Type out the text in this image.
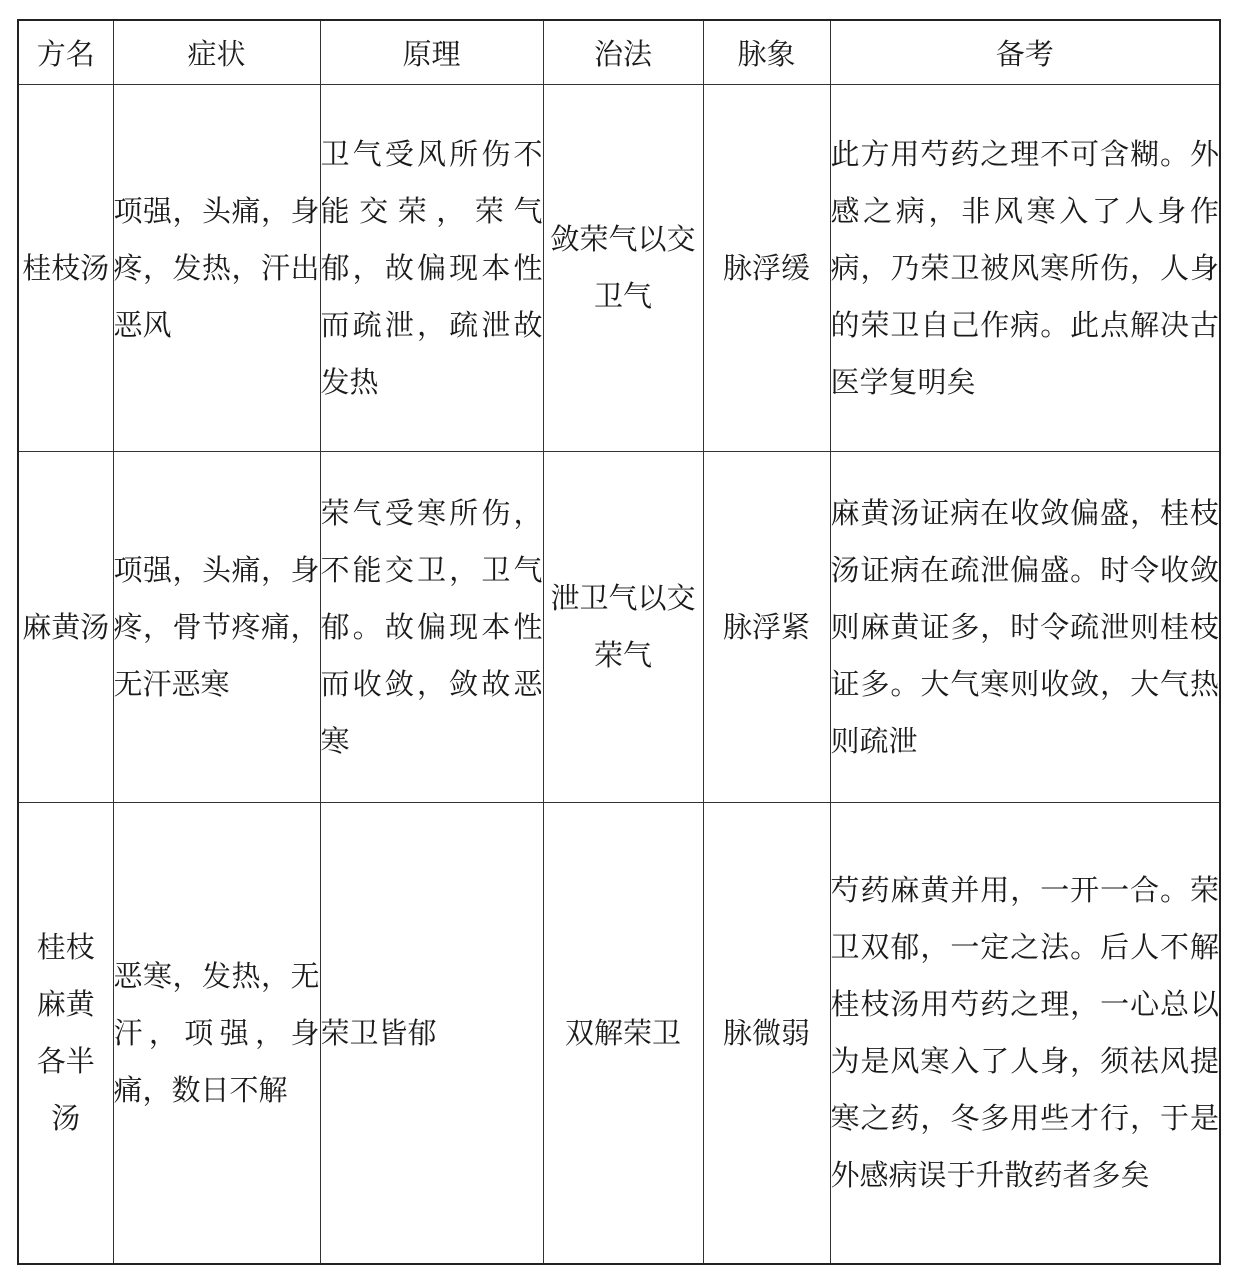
方名	症状	原理	治法	脉象	备考

桂枝汤	项强，头痛，身疼，发热，汗出恶风	卫气受风所伤不能交荣，荣气郁，故偏现本性而疏泄，疏泄故发热	敛荣气以交卫气	脉浮缓	此方用芍药之理不可含糊。外感之病，非风寒入了人身作病，乃荣卫被风寒所伤，人身的荣卫自己作病。此点解决古医学复明矣

麻黄汤	项强，头痛，身疼，骨节疼痛，无汗恶寒	荣气受寒所伤，不能交卫，卫气郁。故偏现本性而收敛，敛故恶寒	泄卫气以交荣气	脉浮紧	麻黄汤证病在收敛偏盛，桂枝汤证病在疏泄偏盛。时令收敛则麻黄证多，时令疏泄则桂枝证多。大气寒则收敛，大气热则疏泄

桂枝麻黄各半汤	恶寒，发热，无汗，项强，身痛，数日不解	荣卫皆郁	双解荣卫	脉微弱	芍药麻黄并用，一开一合。荣卫双郁，一定之法。后人不解桂枝汤用芍药之理，一心总以为是风寒入了人身，须祛风提寒之药，冬多用些才行，于是外感病误于升散药者多矣
